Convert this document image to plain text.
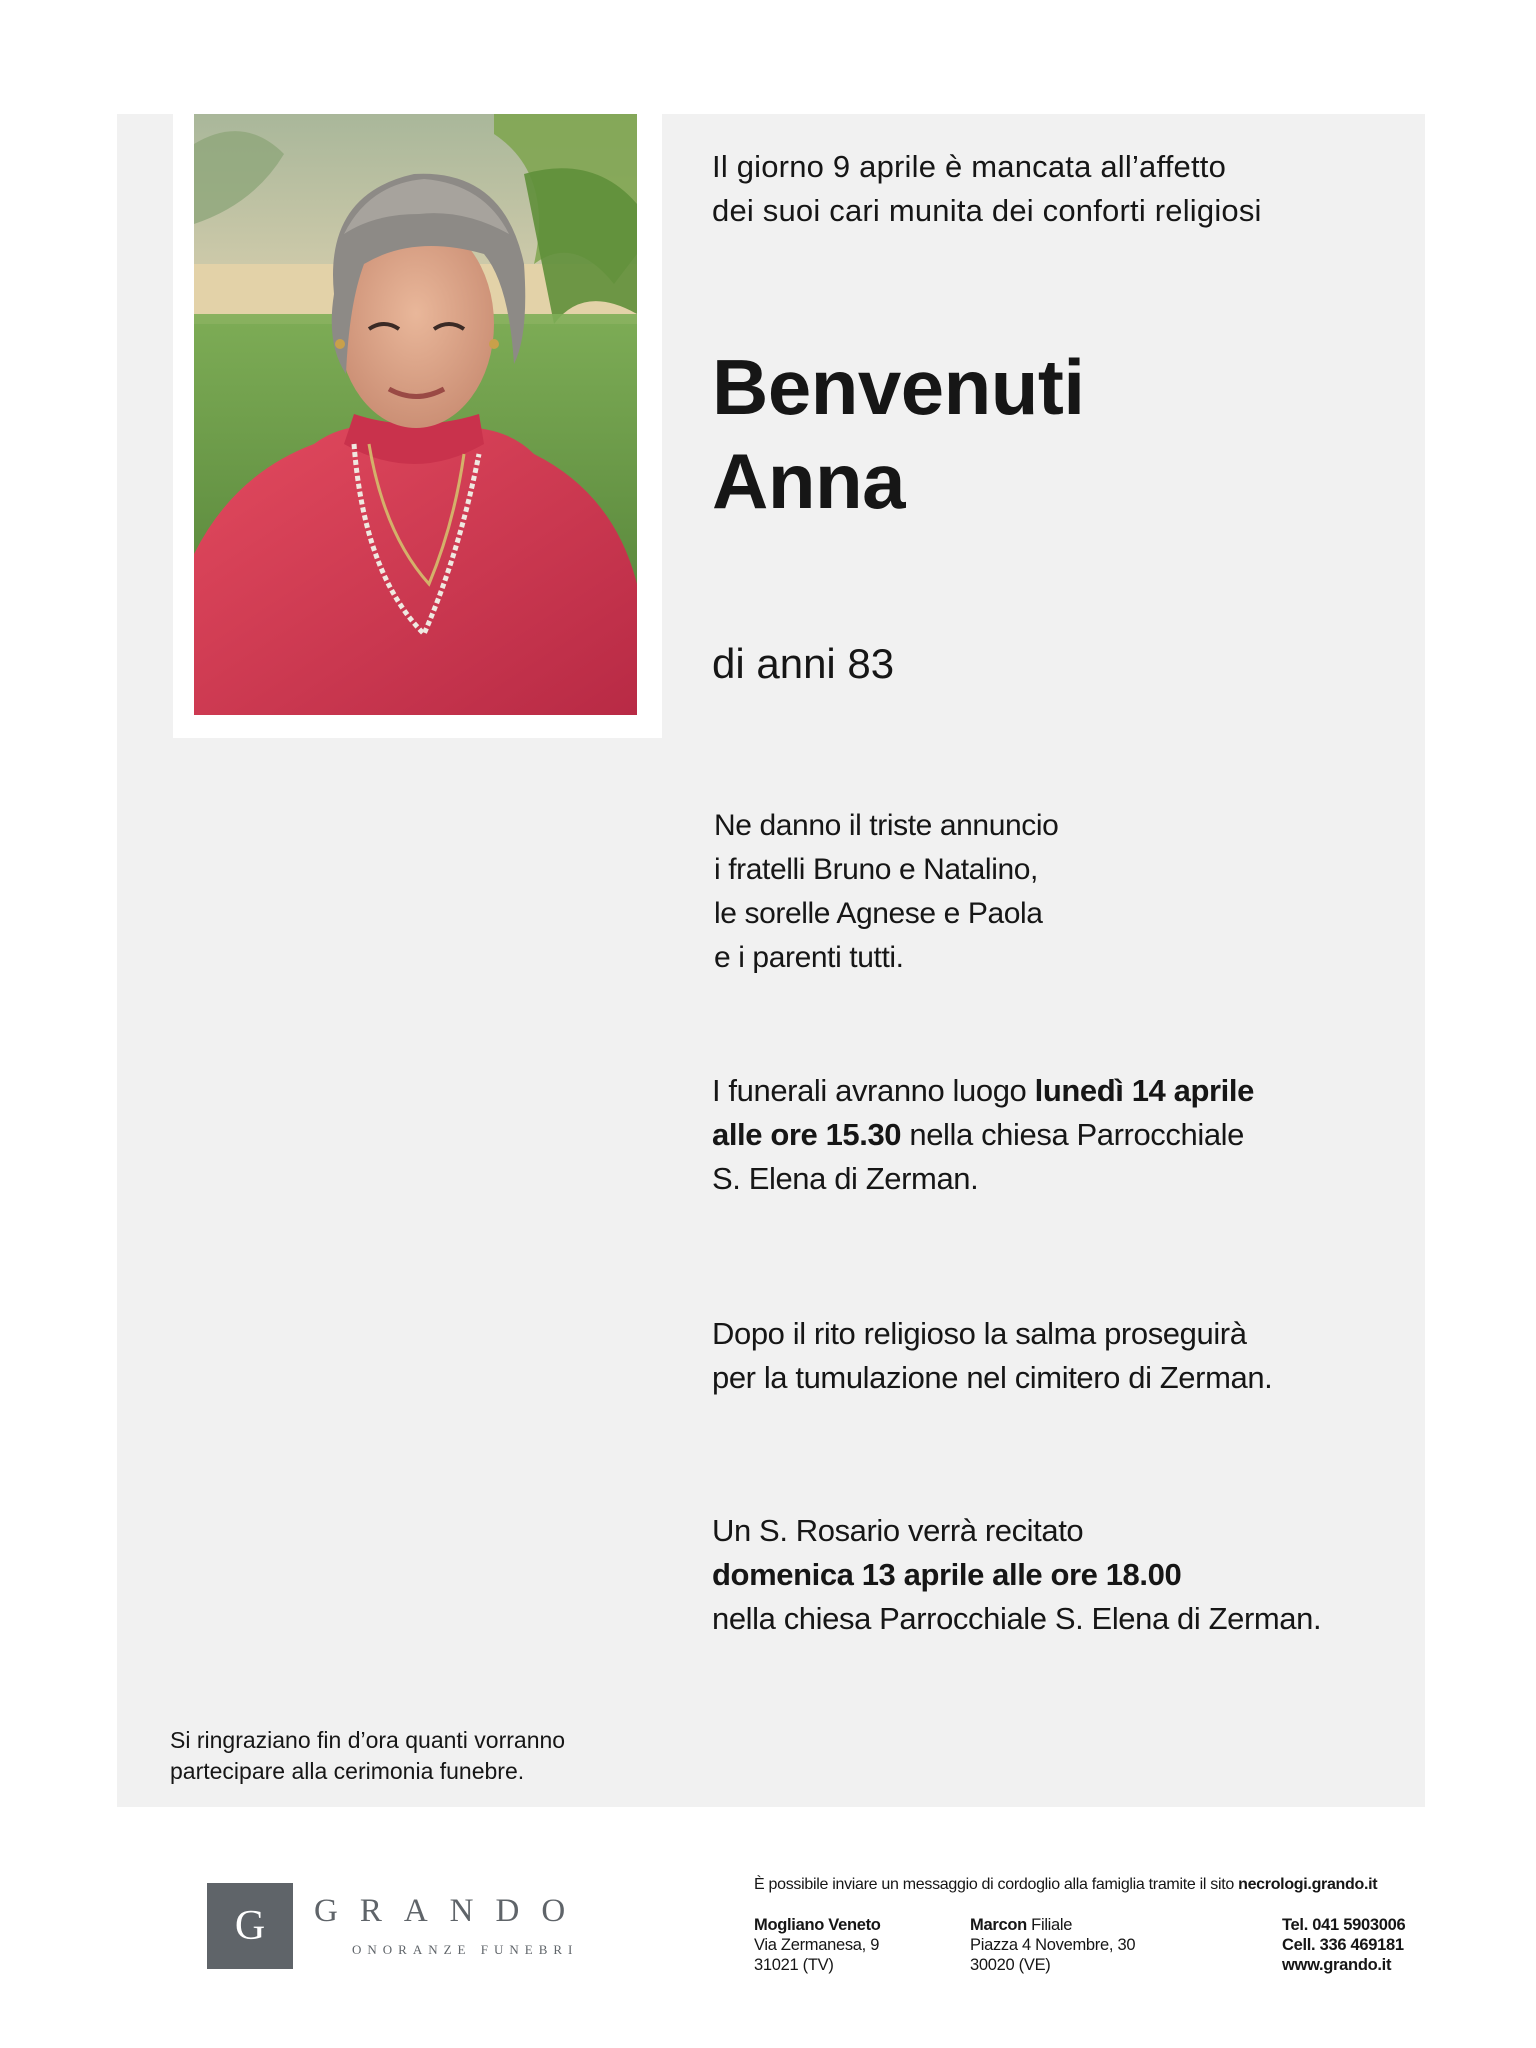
Il giorno 9 aprile è mancata all’affetto
dei suoi cari munita dei conforti religiosi
Benvenuti
Anna
di anni 83
Ne danno il triste annuncio
i fratelli Bruno e Natalino,
le sorelle Agnese e Paola
e i parenti tutti.
I funerali avranno luogo lunedì 14 aprile
alle ore 15.30 nella chiesa Parrocchiale
S. Elena di Zerman.
Dopo il rito religioso la salma proseguirà
per la tumulazione nel cimitero di Zerman.
Un S. Rosario verrà recitato
domenica 13 aprile alle ore 18.00
nella chiesa Parrocchiale S. Elena di Zerman.
Si ringraziano fin d’ora quanti vorranno
partecipare alla cerimonia funebre.
G	GRANDO
ONORANZE FUNEBRI
È possibile inviare un messaggio di cordoglio alla famiglia tramite il sito necrologi.grando.it
Mogliano Veneto
Via Zermanesa, 9
31021 (TV)
Marcon Filiale
Piazza 4 Novembre, 30
30020 (VE)
Tel. 041 5903006
Cell. 336 469181
www.grando.it
